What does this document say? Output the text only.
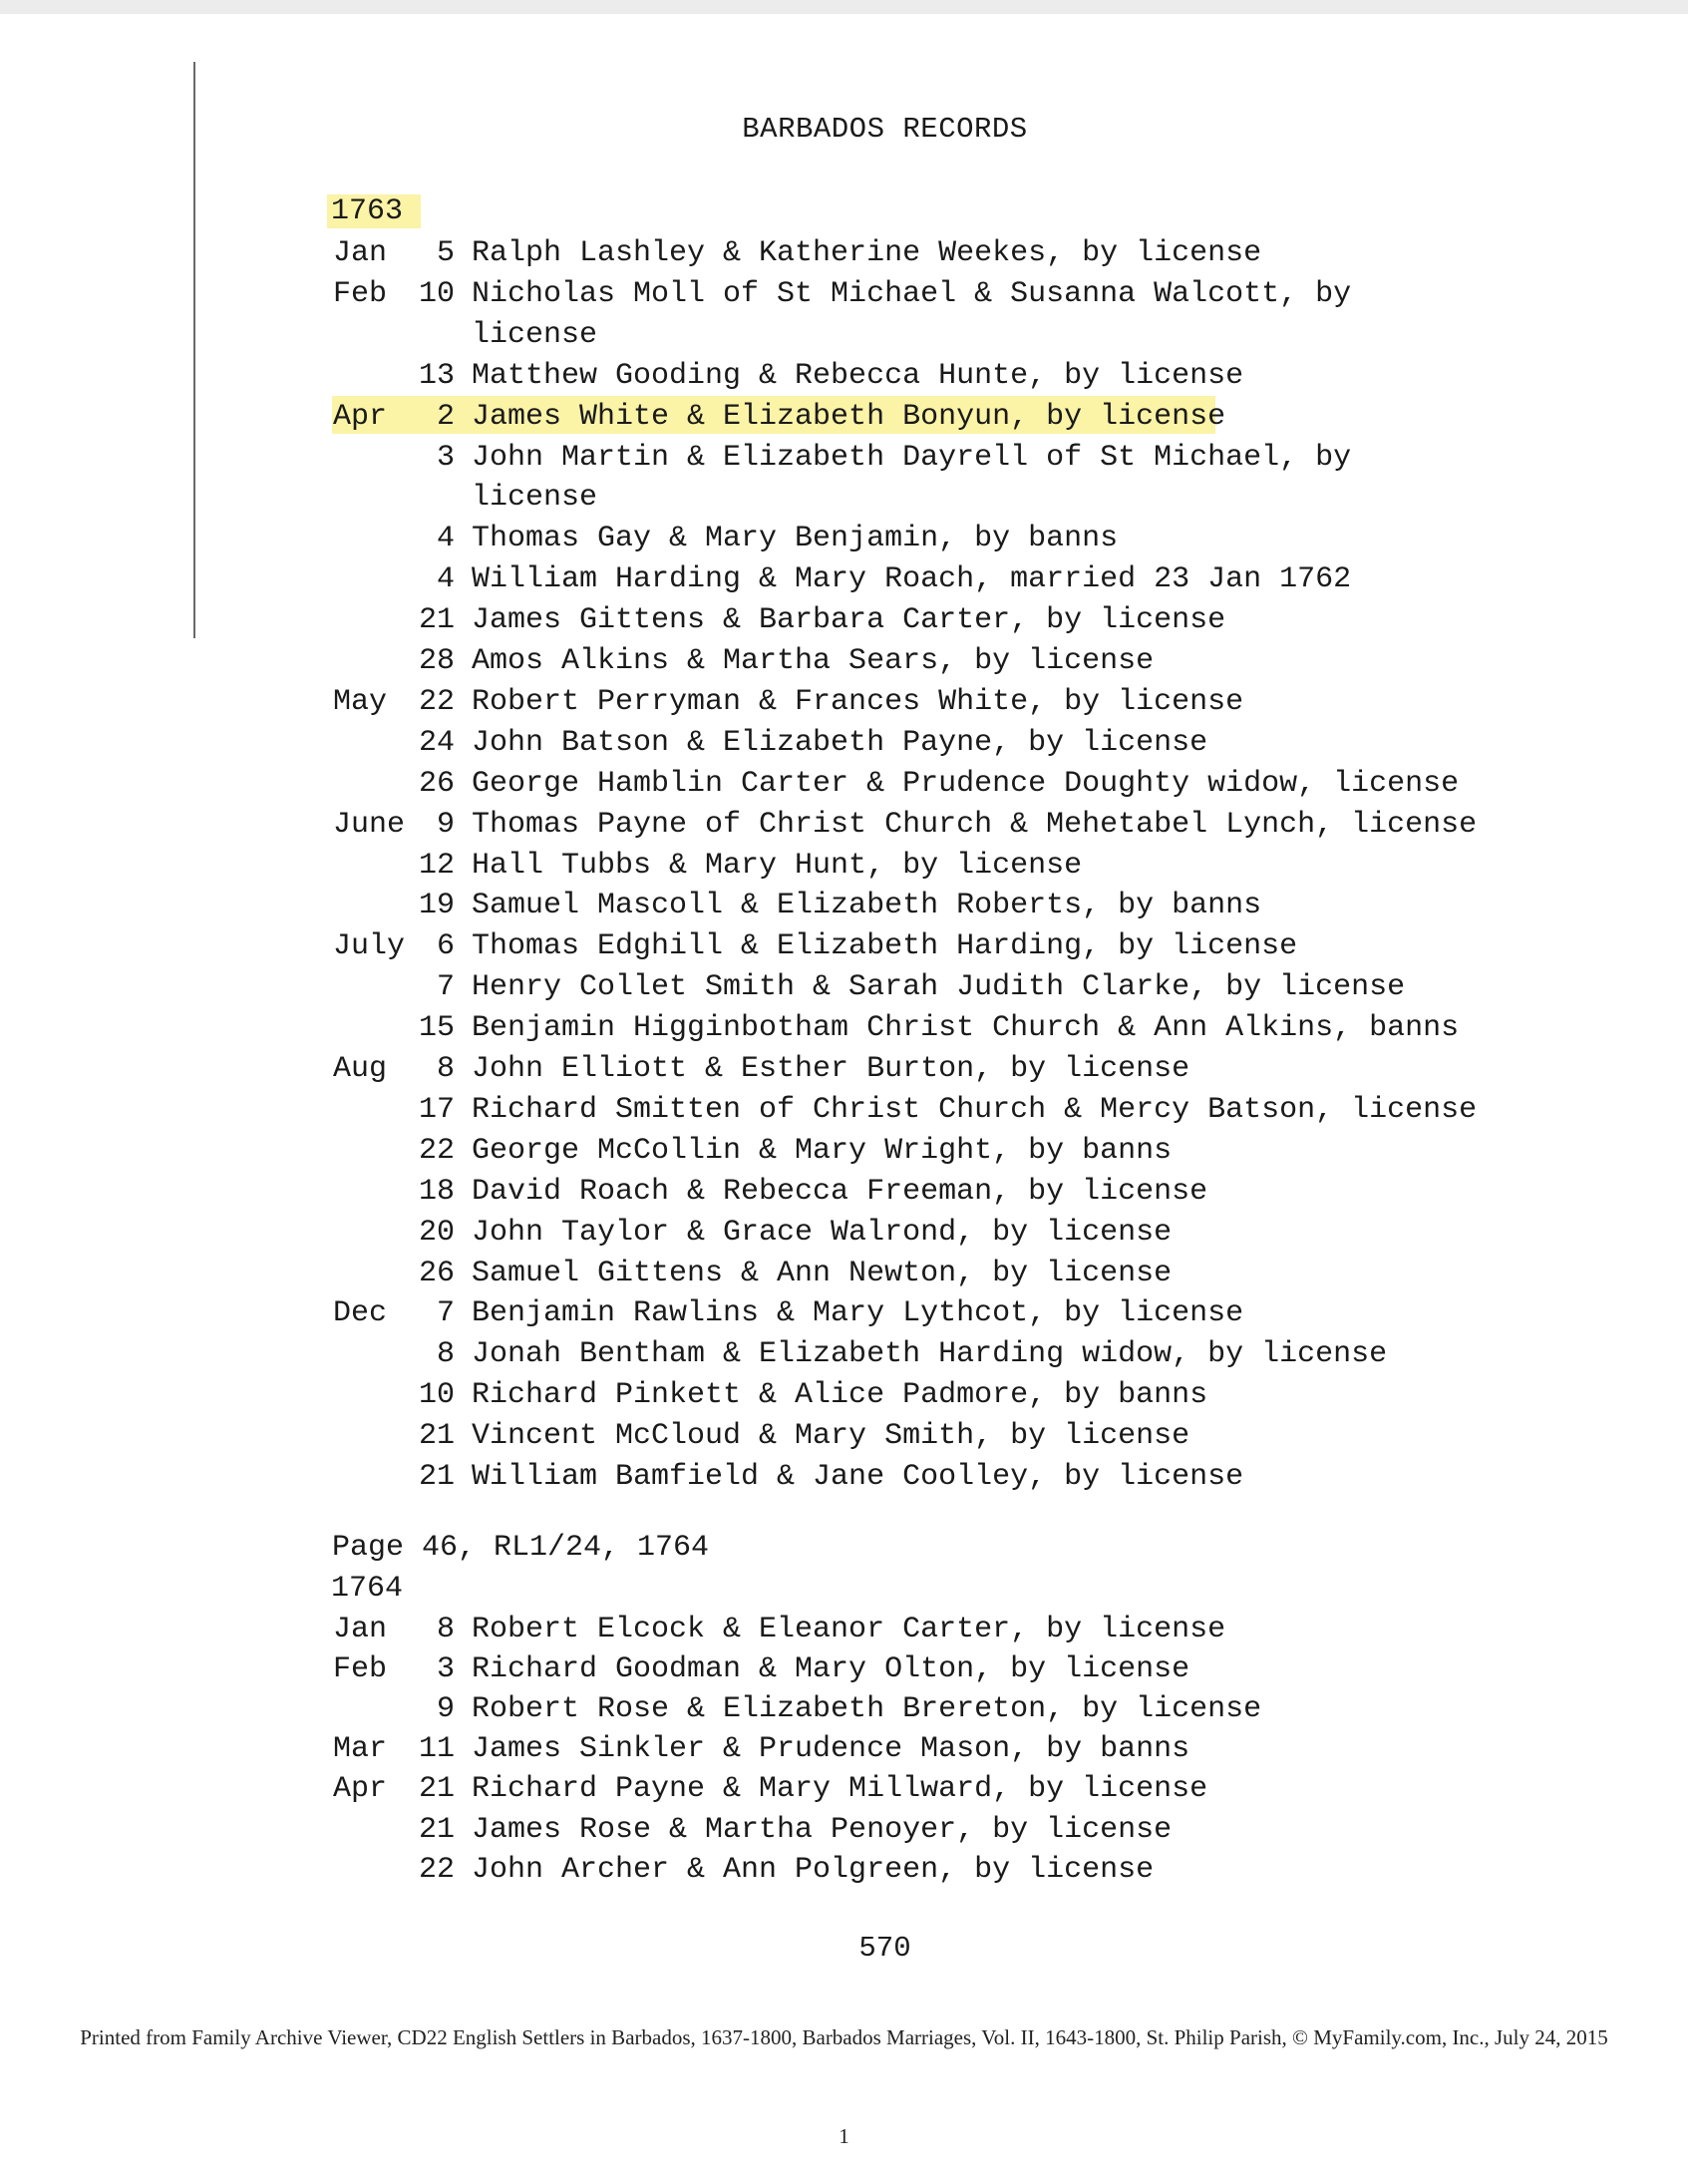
BARBADOS RECORDS
1763
Jan	5 Ralph Lashley & Katherine Weekes, by license
Feb	10 Nicholas Moll of St Michael & Susanna Walcott, by
license
13 Matthew Gooding & Rebecca Hunte, by license
Apr	2 James White & Elizabeth Bonyun, by license
3 John Martin & Elizabeth Dayrell of St Michael, by
license
4 Thomas Gay & Mary Benjamin, by banns
4 William Harding & Mary Roach, married 23 Jan 1762
21 James Gittens & Barbara Carter, by license
28 Amos Alkins & Martha Sears, by license
May	22 Robert Perryman & Frances White, by license
24 John Batson & Elizabeth Payne, by license
26 George Hamblin Carter & Prudence Doughty widow, license
June	9 Thomas Payne of Christ Church & Mehetabel Lynch, license
12 Hall Tubbs & Mary Hunt, by license
19 Samuel Mascoll & Elizabeth Roberts, by banns
July	6 Thomas Edghill & Elizabeth Harding, by license
7 Henry Collet Smith & Sarah Judith Clarke, by license
15 Benjamin Higginbotham Christ Church & Ann Alkins, banns
Aug	8 John Elliott & Esther Burton, by license
17 Richard Smitten of Christ Church & Mercy Batson, license
22 George McCollin & Mary Wright, by banns
18 David Roach & Rebecca Freeman, by license
20 John Taylor & Grace Walrond, by license
26 Samuel Gittens & Ann Newton, by license
Dec	7 Benjamin Rawlins & Mary Lythcot, by license
8 Jonah Bentham & Elizabeth Harding widow, by license
10 Richard Pinkett & Alice Padmore, by banns
21 Vincent McCloud & Mary Smith, by license
21 William Bamfield & Jane Coolley, by license
Page 46, RL1/24, 1764
1764
Jan	8 Robert Elcock & Eleanor Carter, by license
Feb	3 Richard Goodman & Mary Olton, by license
9 Robert Rose & Elizabeth Brereton, by license
Mar	11 James Sinkler & Prudence Mason, by banns
Apr	21 Richard Payne & Mary Millward, by license
21 James Rose & Martha Penoyer, by license
22 John Archer & Ann Polgreen, by license
570
Printed from Family Archive Viewer, CD22 English Settlers in Barbados, 1637-1800, Barbados Marriages, Vol. II, 1643-1800, St. Philip Parish, © MyFamily.com, Inc., July 24, 2015
1
